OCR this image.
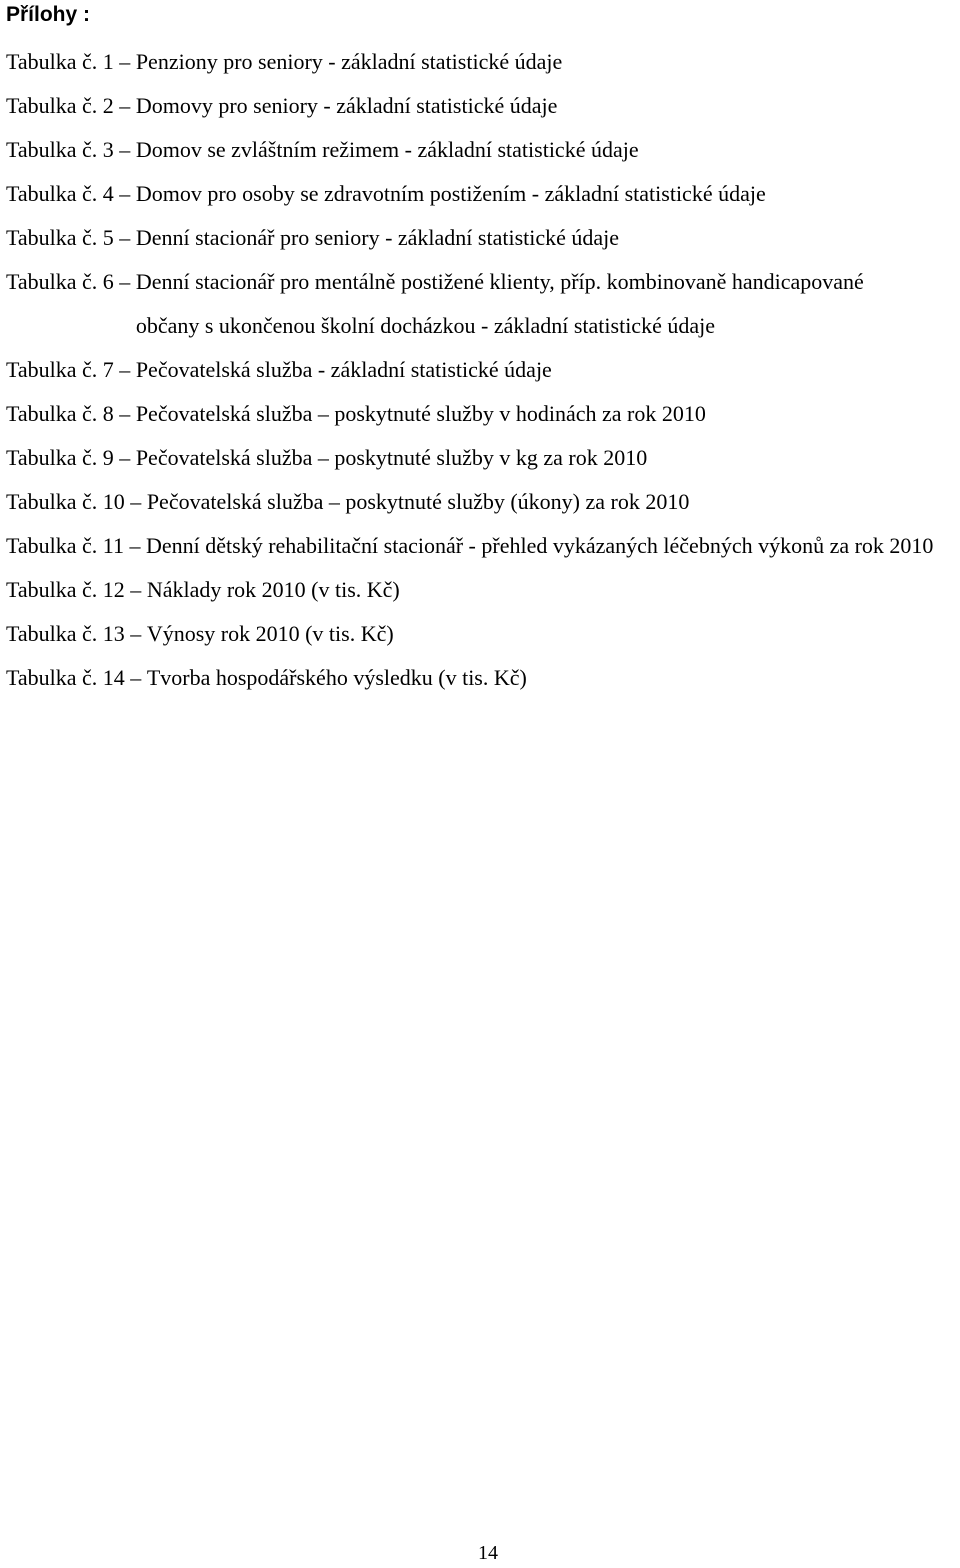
Přílohy :
Tabulka č. 1 – Penziony pro seniory - základní statistické údaje
Tabulka č. 2 – Domovy pro seniory - základní statistické údaje
Tabulka č. 3 – Domov se zvláštním režimem - základní statistické údaje
Tabulka č. 4 – Domov pro osoby se zdravotním postižením - základní statistické údaje
Tabulka č. 5 – Denní stacionář pro seniory - základní statistické údaje
Tabulka č. 6 – Denní stacionář pro mentálně postižené klienty, příp. kombinovaně handicapované občany s ukončenou školní docházkou - základní statistické údaje
Tabulka č. 7 – Pečovatelská služba - základní statistické údaje
Tabulka č. 8 – Pečovatelská služba – poskytnuté služby v hodinách za rok 2010
Tabulka č. 9 – Pečovatelská služba – poskytnuté služby v kg za rok 2010
Tabulka č. 10 – Pečovatelská služba – poskytnuté služby (úkony) za rok 2010
Tabulka č. 11 – Denní dětský rehabilitační stacionář - přehled vykázaných léčebných výkonů za rok 2010
Tabulka č. 12 – Náklady rok 2010 (v tis. Kč)
Tabulka č. 13 – Výnosy rok 2010 (v tis. Kč)
Tabulka č. 14 – Tvorba hospodářského výsledku (v tis. Kč)
14
